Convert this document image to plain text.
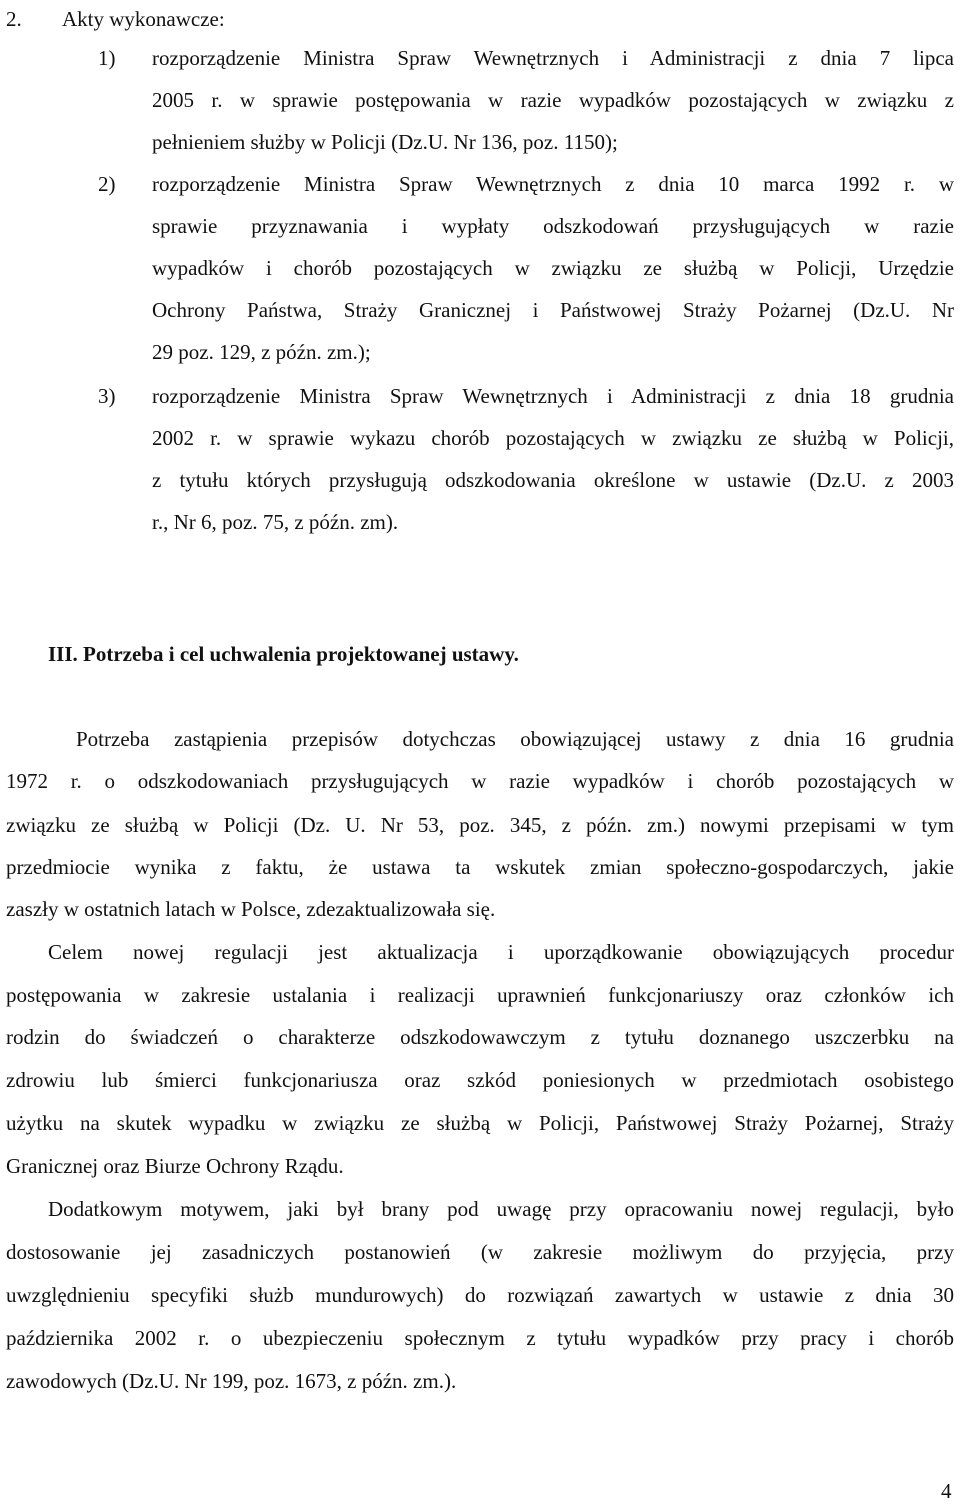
2. Akty wykonawcze:
1) rozporządzenie Ministra Spraw Wewnętrznych i Administracji z dnia 7 lipca
2005 r. w sprawie postępowania w razie wypadków pozostających w związku z
pełnieniem służby w Policji (Dz.U. Nr 136, poz. 1150);
2) rozporządzenie Ministra Spraw Wewnętrznych z dnia 10 marca 1992 r. w
sprawie przyznawania i wypłaty odszkodowań przysługujących w razie
wypadków i chorób pozostających w związku ze służbą w Policji, Urzędzie
Ochrony Państwa, Straży Granicznej i Państwowej Straży Pożarnej (Dz.U. Nr
29 poz. 129, z późn. zm.);
3) rozporządzenie Ministra Spraw Wewnętrznych i Administracji z dnia 18 grudnia
2002 r. w sprawie wykazu chorób pozostających w związku ze służbą w Policji,
z tytułu których przysługują odszkodowania określone w ustawie (Dz.U. z 2003
r., Nr 6, poz. 75, z późn. zm).
III. Potrzeba i cel uchwalenia projektowanej ustawy.
Potrzeba zastąpienia przepisów dotychczas obowiązującej ustawy z dnia 16 grudnia
1972 r. o odszkodowaniach przysługujących w razie wypadków i chorób pozostających w
związku ze służbą w Policji (Dz. U. Nr 53, poz. 345, z późn. zm.) nowymi przepisami w tym
przedmiocie wynika z faktu, że ustawa ta wskutek zmian społeczno-gospodarczych, jakie
zaszły w ostatnich latach w Polsce, zdezaktualizowała się.
Celem nowej regulacji jest aktualizacja i uporządkowanie obowiązujących procedur
postępowania w zakresie ustalania i realizacji uprawnień funkcjonariuszy oraz członków ich
rodzin do świadczeń o charakterze odszkodowawczym z tytułu doznanego uszczerbku na
zdrowiu lub śmierci funkcjonariusza oraz szkód poniesionych w przedmiotach osobistego
użytku na skutek wypadku w związku ze służbą w Policji, Państwowej Straży Pożarnej, Straży
Granicznej oraz Biurze Ochrony Rządu.
Dodatkowym motywem, jaki był brany pod uwagę przy opracowaniu nowej regulacji, było
dostosowanie jej zasadniczych postanowień (w zakresie możliwym do przyjęcia, przy
uwzględnieniu specyfiki służb mundurowych) do rozwiązań zawartych w ustawie z dnia 30
października 2002 r. o ubezpieczeniu społecznym z tytułu wypadków przy pracy i chorób
zawodowych (Dz.U. Nr 199, poz. 1673, z późn. zm.).
4
